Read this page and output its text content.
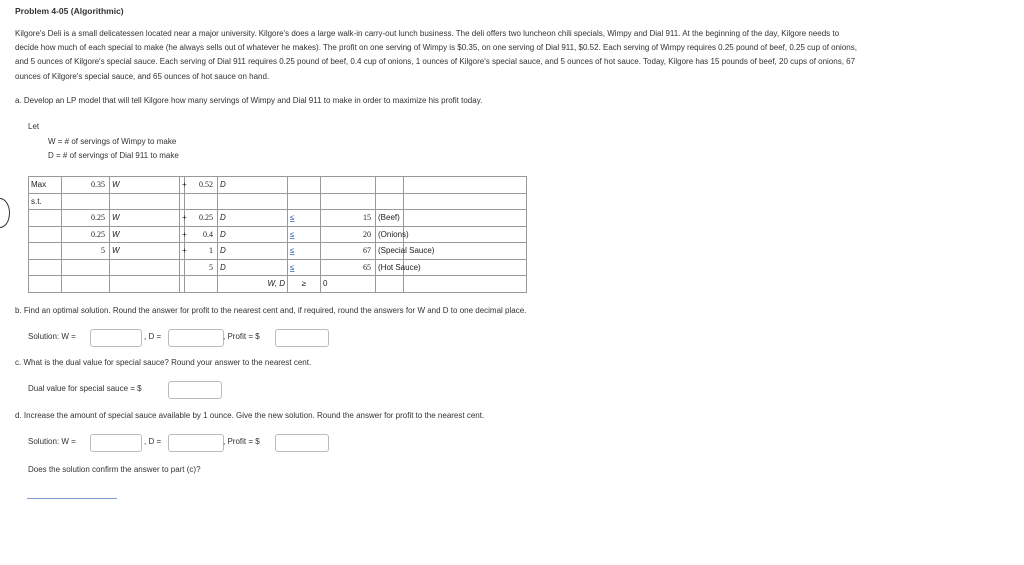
Problem 4-05 (Algorithmic)
Kilgore's Deli is a small delicatessen located near a major university. Kilgore's does a large walk-in carry-out lunch business. The deli offers two luncheon chili specials, Wimpy and Dial 911. At the beginning of the day, Kilgore needs to
decide how much of each special to make (he always sells out of whatever he makes). The profit on one serving of Wimpy is $0.35, on one serving of Dial 911, $0.52. Each serving of Wimpy requires 0.25 pound of beef, 0.25 cup of onions,
and 5 ounces of Kilgore's special sauce. Each serving of Dial 911 requires 0.25 pound of beef, 0.4 cup of onions, 1 ounces of Kilgore's special sauce, and 5 ounces of hot sauce. Today, Kilgore has 15 pounds of beef, 20 cups of onions, 67
ounces of Kilgore's special sauce, and 65 ounces of hot sauce on hand.
a. Develop an LP model that will tell Kilgore how many servings of Wimpy and Dial 911 to make in order to maximize his profit today.
Let
W = # of servings of Wimpy to make
D = # of servings of Dial 911 to make
Max	0.35	W	+	0.52	D				
s.t.									
	0.25	W	+	0.25	D	≤	15	(Beef)	
	0.25	W	+	0.4	D	≤	20	(Onions)	
	5	W	+	1	D	≤	67	(Special Sauce)	
				5	D	≤	65	(Hot Sauce)	
					W, D	≥	0		
b. Find an optimal solution. Round the answer for profit to the nearest cent and, if required, round the answers for W and D to one decimal place.
Solution: W =	, D =	, Profit = $
c. What is the dual value for special sauce? Round your answer to the nearest cent.
Dual value for special sauce = $
d. Increase the amount of special sauce available by 1 ounce. Give the new solution. Round the answer for profit to the nearest cent.
Solution: W =	, D =	, Profit = $
Does the solution confirm the answer to part (c)?
